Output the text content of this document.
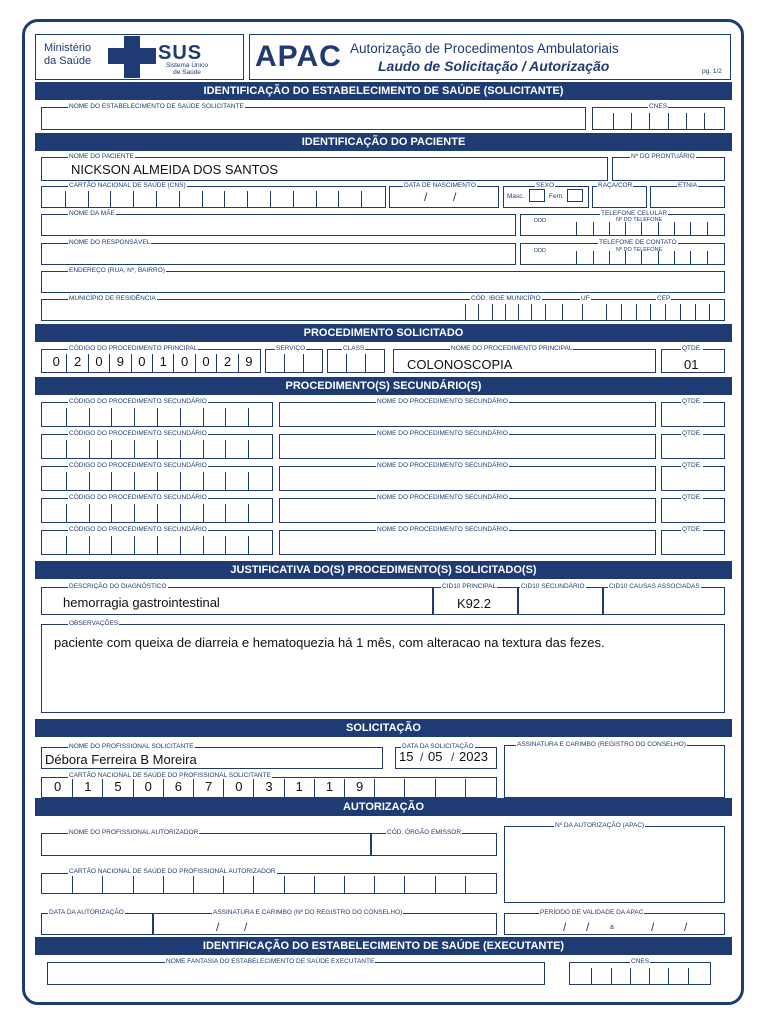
Ministério
da Saúde	SUS
Sistema Único
de Saúde	APAC Autorização de Procedimentos Ambulatoriais
Laudo de Solicitação / Autorização	pg. 1/2
IDENTIFICAÇÃO DO ESTABELECIMENTO DE SAÚDE (SOLICITANTE)
NOME DO ESTABELECIMENTO DE SAÚDE SOLICITANTE	CNES
IDENTIFICAÇÃO DO PACIENTE
NOME DO PACIENTE
NICKSON ALMEIDA DOS SANTOS
Nº DO PRONTUÁRIO
CARTÃO NACIONAL DE SAÚDE (CNS)	DATA DE NASCIMENTO
/ /
SEXO
Masc.	Fem.
RAÇA/COR	ETNIA
NOME DA MÃE	TELEFONE CELULAR
DDD	Nº DO TELEFONE
NOME DO RESPONSÁVEL	TELEFONE DE CONTATO
DDD	Nº DO TELEFONE
ENDEREÇO (RUA, Nº, BAIRRO)
MUNICÍPIO DE RESIDÊNCIA	CÓD. IBGE MUNICÍPIO	UF	CEP
PROCEDIMENTO SOLICITADO
CÓDIGO DO PROCEDIMENTO PRINCIPAL
0	2	0	9	0	1	0	0	2	9
SERVIÇO	CLASS	NOME DO PROCEDIMENTO PRINCIPAL
COLONOSCOPIA
QTDE.
01
PROCEDIMENTO(S) SECUNDÁRIO(S)
CÓDIGO DO PROCEDIMENTO SECUNDÁRIO	NOME DO PROCEDIMENTO SECUNDÁRIO	QTDE.
CÓDIGO DO PROCEDIMENTO SECUNDÁRIO	NOME DO PROCEDIMENTO SECUNDÁRIO	QTDE.
CÓDIGO DO PROCEDIMENTO SECUNDÁRIO	NOME DO PROCEDIMENTO SECUNDÁRIO	QTDE.
CÓDIGO DO PROCEDIMENTO SECUNDÁRIO	NOME DO PROCEDIMENTO SECUNDÁRIO	QTDE.
CÓDIGO DO PROCEDIMENTO SECUNDÁRIO	NOME DO PROCEDIMENTO SECUNDÁRIO	QTDE.
JUSTIFICATIVA DO(S) PROCEDIMENTO(S) SOLICITADO(S)
DESCRIÇÃO DO DIAGNÓSTICO
hemorragia gastrointestinal
CID10 PRINCIPAL
K92.2
CID10 SECUNDÁRIO	CID10 CAUSAS ASSOCIADAS
OBSERVAÇÕES
paciente com queixa de diarreia e hematoquezia há 1 mês, com alteracao na textura das fezes.
SOLICITAÇÃO
NOME DO PROFISSIONAL SOLICITANTE
Débora Ferreira B Moreira
DATA DA SOLICITAÇÃO
15 / 05 / 2023
ASSINATURA E CARIMBO (REGISTRO DO CONSELHO)
CARTÃO NACIONAL DE SAÚDE DO PROFISSIONAL SOLICITANTE
0	1	5	0	6	7	0	3	1	1	9
AUTORIZAÇÃO
NOME DO PROFISSIONAL AUTORIZADOR	CÓD. ÓRGÃO EMISSOR
Nº DA AUTORIZAÇÃO (APAC)
CARTÃO NACIONAL DE SAÚDE DO PROFISSIONAL AUTORIZADOR
DATA DA AUTORIZAÇÃO	ASSINATURA E CARIMBO (Nº DO REGISTRO DO CONSELHO)
/ /
PERÍODO DE VALIDADE DA APAC
/ /	a	/ /
IDENTIFICAÇÃO DO ESTABELECIMENTO DE SAÚDE (EXECUTANTE)
NOME FANTASIA DO ESTABELECIMENTO DE SAÚDE EXECUTANTE	CNES
